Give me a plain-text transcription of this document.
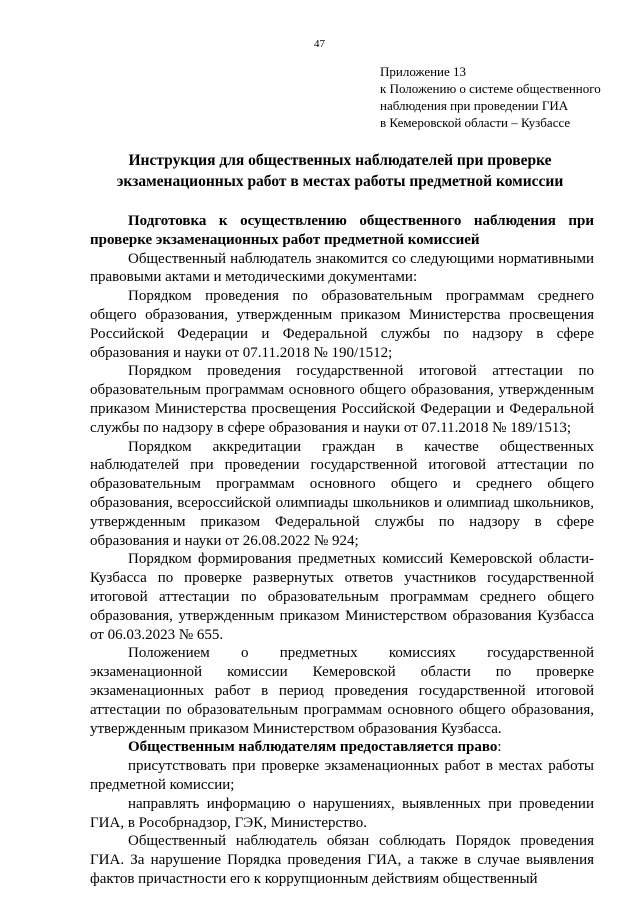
47
Приложение 13
к Положению о системе общественного
наблюдения при проведении ГИА
в Кемеровской области – Кузбассе
Инструкция для общественных наблюдателей при проверке
экзаменационных работ в местах работы предметной комиссии

Подготовка к осуществлению общественного наблюдения при проверке экзаменационных работ предметной комиссией

Общественный наблюдатель знакомится со следующими нормативными правовыми актами и методическими документами:

Порядком проведения по образовательным программам среднего общего образования, утвержденным приказом Министерства просвещения Российской Федерации и Федеральной службы по надзору в сфере образования и науки от 07.11.2018 № 190/1512;

Порядком проведения государственной итоговой аттестации по образовательным программам основного общего образования, утвержденным приказом Министерства просвещения Российской Федерации и Федеральной службы по надзору в сфере образования и науки от 07.11.2018 № 189/1513;

Порядком аккредитации граждан в качестве общественных наблюдателей при проведении государственной итоговой аттестации по образовательным программам основного общего и среднего общего образования, всероссийской олимпиады школьников и олимпиад школьников, утвержденным приказом Федеральной службы по надзору в сфере образования и науки от 26.08.2022 № 924;

Порядком формирования предметных комиссий Кемеровской области-Кузбасса по проверке развернутых ответов участников государственной итоговой аттестации по образовательным программам среднего общего образования, утвержденным приказом Министерством образования Кузбасса от 06.03.2023 № 655.

Положением о предметных комиссиях государственной экзаменационной комиссии Кемеровской области по проверке экзаменационных работ в период проведения государственной итоговой аттестации по образовательным программам основного общего образования, утвержденным приказом Министерством образования Кузбасса.

Общественным наблюдателям предоставляется право:

присутствовать при проверке экзаменационных работ в местах работы предметной комиссии;

направлять информацию о нарушениях, выявленных при проведении ГИА, в Рособрнадзор, ГЭК, Министерство.

Общественный наблюдатель обязан соблюдать Порядок проведения ГИА. За нарушение Порядка проведения ГИА, а также в случае выявления фактов причастности его к коррупционным действиям общественный
